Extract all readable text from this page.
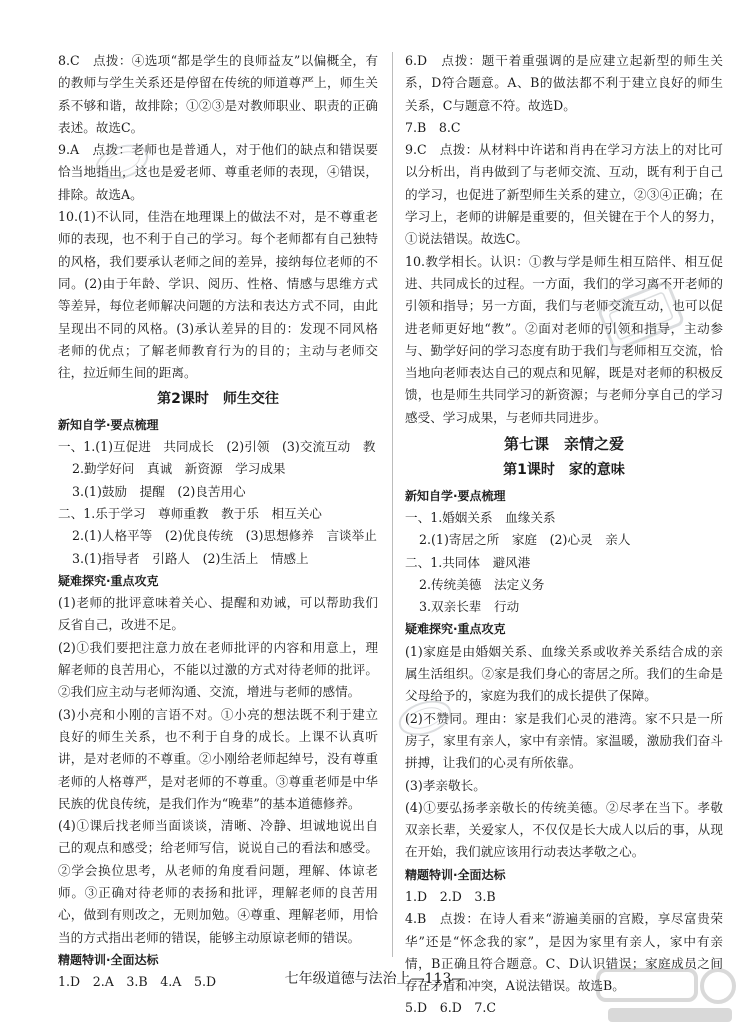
8.C　点拨：④选项“都是学生的良师益友”以偏概全，有的教师与学生关系还是停留在传统的师道尊严上，师生关系不够和谐，故排除；①②③是对教师职业、职责的正确表述。故选C。

9.A　点拨：老师也是普通人，对于他们的缺点和错误要恰当地指出，这也是爱老师、尊重老师的表现，④错误，排除。故选A。

10.(1)不认同，佳浩在地理课上的做法不对，是不尊重老师的表现，也不利于自己的学习。每个老师都有自己独特的风格，我们要承认老师之间的差异，接纳每位老师的不同。(2)由于年龄、学识、阅历、性格、情感与思维方式等差异，每位老师解决问题的方法和表达方式不同，由此呈现出不同的风格。(3)承认差异的目的：发现不同风格老师的优点；了解老师教育行为的目的；主动与老师交往，拉近师生间的距离。

第2课时　师生交往

新知自学·要点梳理

一、1.(1)互促进　共同成长　(2)引领　(3)交流互动　教

2.勤学好问　真诚　新资源　学习成果

3.(1)鼓励　提醒　(2)良苦用心

二、1.乐于学习　尊师重教　教于乐　相互关心

2.(1)人格平等　(2)优良传统　(3)思想修养　言谈举止

3.(1)指导者　引路人　(2)生活上　情感上

疑难探究·重点攻克

(1)老师的批评意味着关心、提醒和劝诫，可以帮助我们反省自己，改进不足。

(2)①我们要把注意力放在老师批评的内容和用意上，理解老师的良苦用心，不能以过激的方式对待老师的批评。②我们应主动与老师沟通、交流，增进与老师的感情。

(3)小亮和小刚的言语不对。①小亮的想法既不利于建立良好的师生关系，也不利于自身的成长。上课不认真听讲，是对老师的不尊重。②小刚给老师起绰号，没有尊重老师的人格尊严，是对老师的不尊重。③尊重老师是中华民族的优良传统，是我们作为“晚辈”的基本道德修养。

(4)①课后找老师当面谈谈，清晰、冷静、坦诚地说出自己的观点和感受；给老师写信，说说自己的看法和感受。②学会换位思考，从老师的角度看问题，理解、体谅老师。③正确对待老师的表扬和批评，理解老师的良苦用心，做到有则改之，无则加勉。④尊重、理解老师，用恰当的方式指出老师的错误，能够主动原谅老师的错误。

精题特训·全面达标

1.D　2.A　3.B　4.A　5.D

6.D　点拨：题干着重强调的是应建立起新型的师生关系，D符合题意。A、B的做法都不利于建立良好的师生关系，C与题意不符。故选D。

7.B　8.C

9.C　点拨：从材料中许诺和肖冉在学习方法上的对比可以分析出，肖冉做到了与老师交流、互动，既有利于自己的学习，也促进了新型师生关系的建立，②③④正确；在学习上，老师的讲解是重要的，但关键在于个人的努力，①说法错误。故选C。

10.教学相长。认识：①教与学是师生相互陪伴、相互促进、共同成长的过程。一方面，我们的学习离不开老师的引领和指导；另一方面，我们与老师交流互动，也可以促进老师更好地“教”。②面对老师的引领和指导，主动参与、勤学好问的学习态度有助于我们与老师相互交流，恰当地向老师表达自己的观点和见解，既是对老师的积极反馈，也是师生共同学习的新资源；与老师分享自己的学习感受、学习成果，与老师共同进步。

第七课　亲情之爱

第1课时　家的意味

新知自学·要点梳理

一、1.婚姻关系　血缘关系

2.(1)寄居之所　家庭　(2)心灵　亲人

二、1.共同体　避风港

2.传统美德　法定义务

3.双亲长辈　行动

疑难探究·重点攻克

(1)家庭是由婚姻关系、血缘关系或收养关系结合成的亲属生活组织。②家是我们身心的寄居之所。我们的生命是父母给予的，家庭为我们的成长提供了保障。

(2)不赞同。理由：家是我们心灵的港湾。家不只是一所房子，家里有亲人，家中有亲情。家温暖，激励我们奋斗拼搏，让我们的心灵有所依靠。

(3)孝亲敬长。

(4)①要弘扬孝亲敬长的传统美德。②尽孝在当下。孝敬双亲长辈，关爱家人，不仅仅是长大成人以后的事，从现在开始，我们就应该用行动表达孝敬之心。

精题特训·全面达标

1.D　2.D　3.B

4.B　点拨：在诗人看来“游遍美丽的宫殿，享尽富贵荣华”还是“怀念我的家”，是因为家里有亲人，家中有亲情，B正确且符合题意。C、D认识错误；家庭成员之间存在矛盾和冲突，A说法错误。故选B。

5.D　6.D　7.C

七年级道德与法治上—113—
